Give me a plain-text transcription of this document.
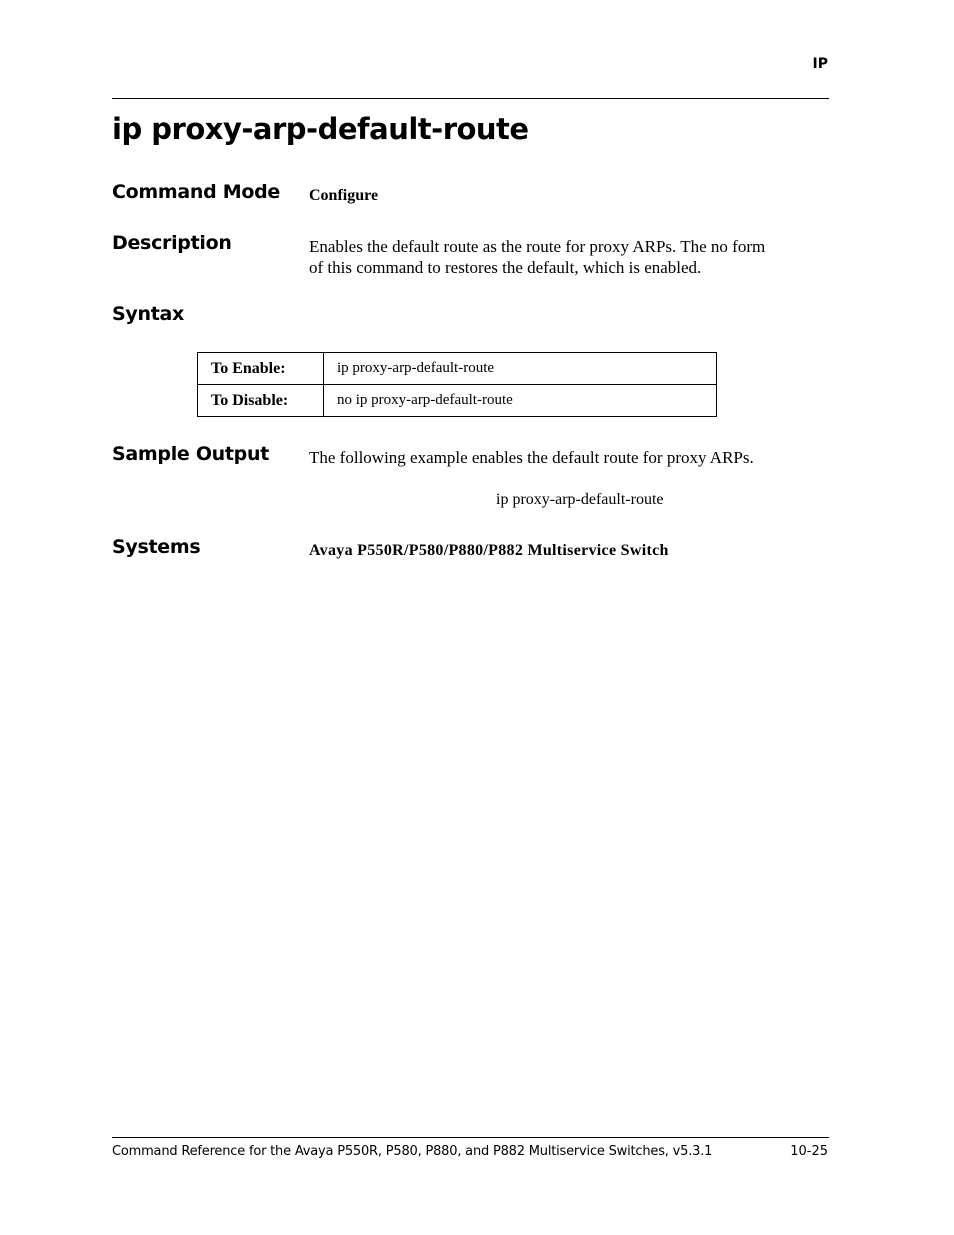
IP
ip proxy-arp-default-route
Command Mode Configure
Description	Enables the default route as the route for proxy ARPs. The no form
of this command to restores the default, which is enabled.
Syntax
To Enable:	ip proxy-arp-default-route
To Disable:	no ip proxy-arp-default-route
Sample Output The following example enables the default route for proxy ARPs.
ip proxy-arp-default-route
Systems	Avaya P550R/P580/P880/P882 Multiservice Switch
Command Reference for the Avaya P550R, P580, P880, and P882 Multiservice Switches, v5.3.1	10-25
